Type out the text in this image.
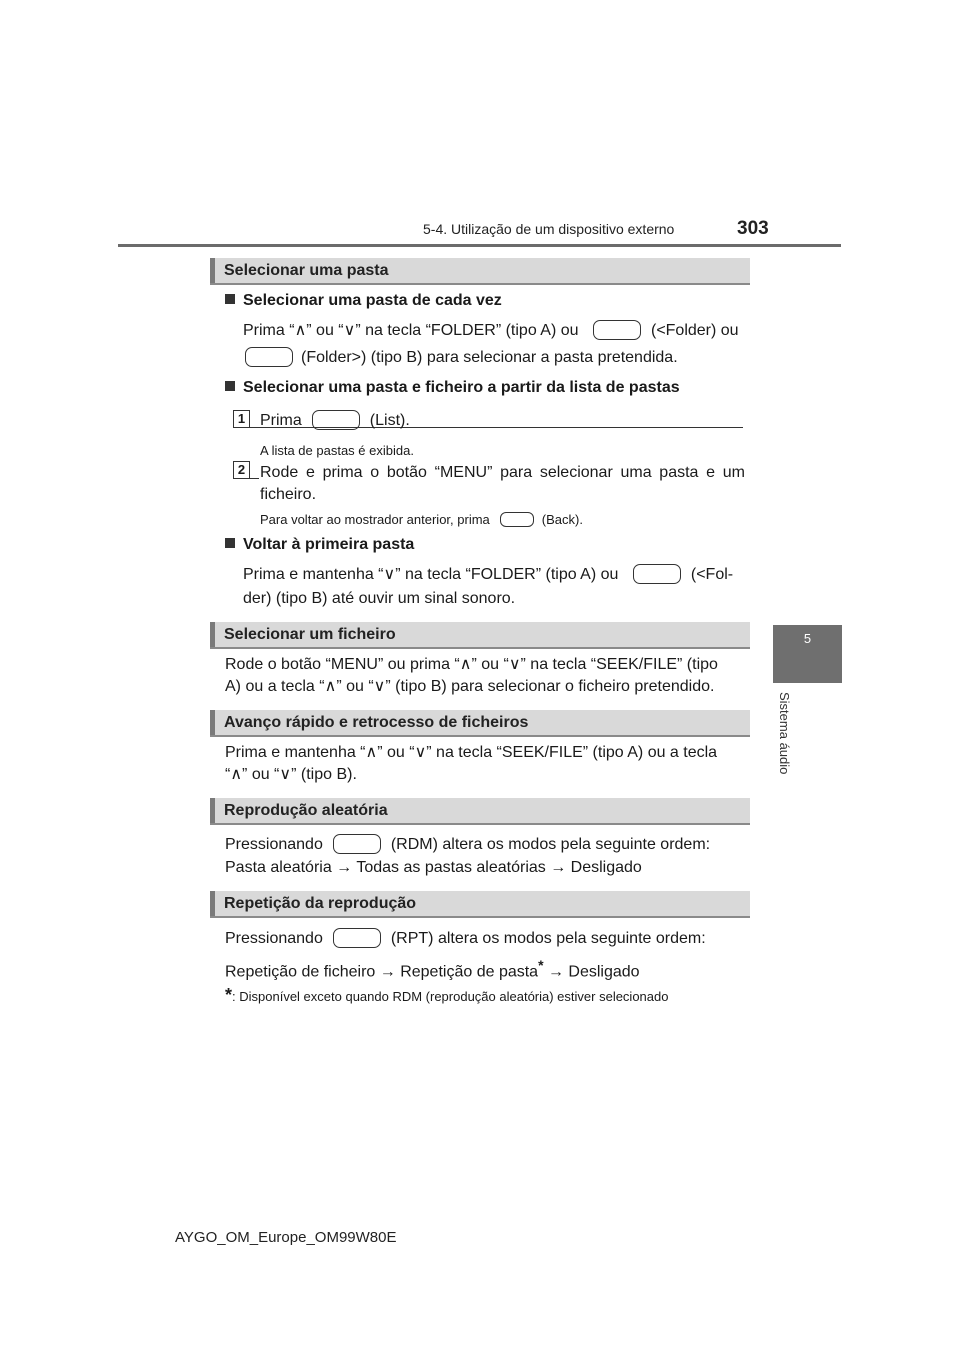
5-4. Utilização de um dispositivo externo	303
5
Sistema áudio
Selecionar uma pasta
Selecionar uma pasta de cada vez
Prima “∧” ou “∨” na tecla “FOLDER” (tipo A) ou	(<Folder) ou
(Folder>) (tipo B) para selecionar a pasta pretendida.
Selecionar uma pasta e ficheiro a partir da lista de pastas
1 Prima	(List).
A lista de pastas é exibida.
2 Rode e prima o botão “MENU” para selecionar uma pasta e um ficheiro.
Para voltar ao mostrador anterior, prima	(Back).
Voltar à primeira pasta
Prima e mantenha “∨” na tecla “FOLDER” (tipo A) ou	(<Fol-
der) (tipo B) até ouvir um sinal sonoro.
Selecionar um ficheiro
Rode o botão “MENU” ou prima “∧” ou “∨” na tecla “SEEK/FILE” (tipo
A) ou a tecla “∧” ou “∨” (tipo B) para selecionar o ficheiro pretendido.
Avanço rápido e retrocesso de ficheiros
Prima e mantenha “∧” ou “∨” na tecla “SEEK/FILE” (tipo A) ou a tecla
“∧” ou “∨” (tipo B).
Reprodução aleatória
Pressionando	(RDM) altera os modos pela seguinte ordem:
Pasta aleatória → Todas as pastas aleatórias → Desligado
Repetição da reprodução
Pressionando	(RPT) altera os modos pela seguinte ordem:
Repetição de ficheiro → Repetição de pasta* → Desligado
*: Disponível exceto quando RDM (reprodução aleatória) estiver selecionado
AYGO_OM_Europe_OM99W80E
